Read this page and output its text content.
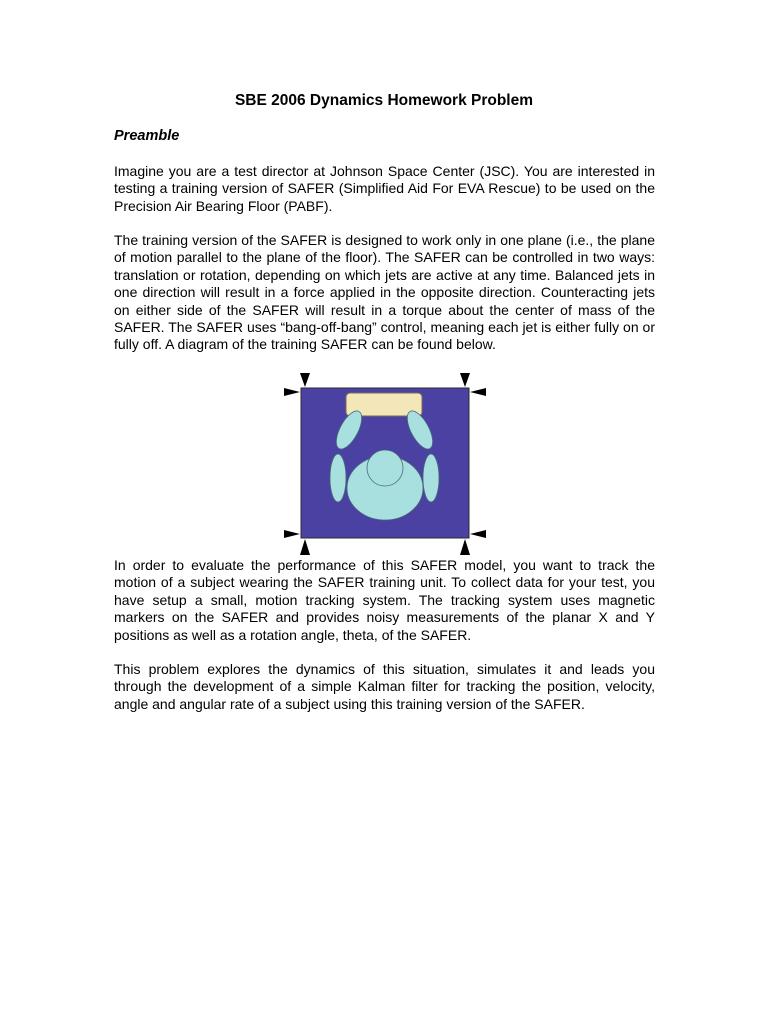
SBE 2006 Dynamics Homework Problem
Preamble

Imagine you are a test director at Johnson Space Center (JSC). You are interested in testing a training version of SAFER (Simplified Aid For EVA Rescue) to be used on the Precision Air Bearing Floor (PABF).

The training version of the SAFER is designed to work only in one plane (i.e., the plane of motion parallel to the plane of the floor). The SAFER can be controlled in two ways: translation or rotation, depending on which jets are active at any time. Balanced jets in one direction will result in a force applied in the opposite direction. Counteracting jets on either side of the SAFER will result in a torque about the center of mass of the SAFER. The SAFER uses “bang-off-bang” control, meaning each jet is either fully on or fully off. A diagram of the training SAFER can be found below.

In order to evaluate the performance of this SAFER model, you want to track the motion of a subject wearing the SAFER training unit. To collect data for your test, you have setup a small, motion tracking system. The tracking system uses magnetic markers on the SAFER and provides noisy measurements of the planar X and Y positions as well as a rotation angle, theta, of the SAFER.

This problem explores the dynamics of this situation, simulates it and leads you through the development of a simple Kalman filter for tracking the position, velocity, angle and angular rate of a subject using this training version of the SAFER.
